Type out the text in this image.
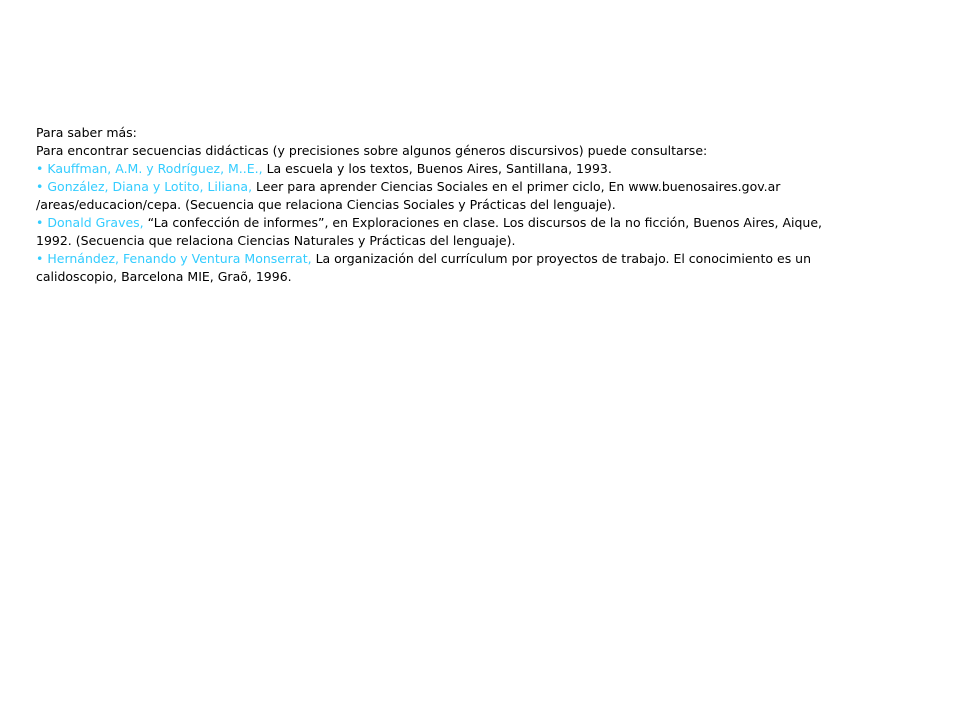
Para saber más:
Para encontrar secuencias didácticas (y precisiones sobre algunos géneros discursivos) puede consultarse:
• Kauffman, A.M. y Rodríguez, M..E., La escuela y los textos, Buenos Aires, Santillana, 1993.
• González, Diana y Lotito, Liliana, Leer para aprender Ciencias Sociales en el primer ciclo, En www.buenosaires.gov.ar /areas/educacion/cepa. (Secuencia que relaciona Ciencias Sociales y Prácticas del lenguaje).
• Donald Graves, “La confección de informes”, en Exploraciones en clase. Los discursos de la no ficción, Buenos Aires, Aique, 1992. (Secuencia que relaciona Ciencias Naturales y Prácticas del lenguaje).
• Hernández, Fenando y Ventura Monserrat, La organización del currículum por proyectos de trabajo. El conocimiento es un calidoscopio, Barcelona MIE, Graõ, 1996.
